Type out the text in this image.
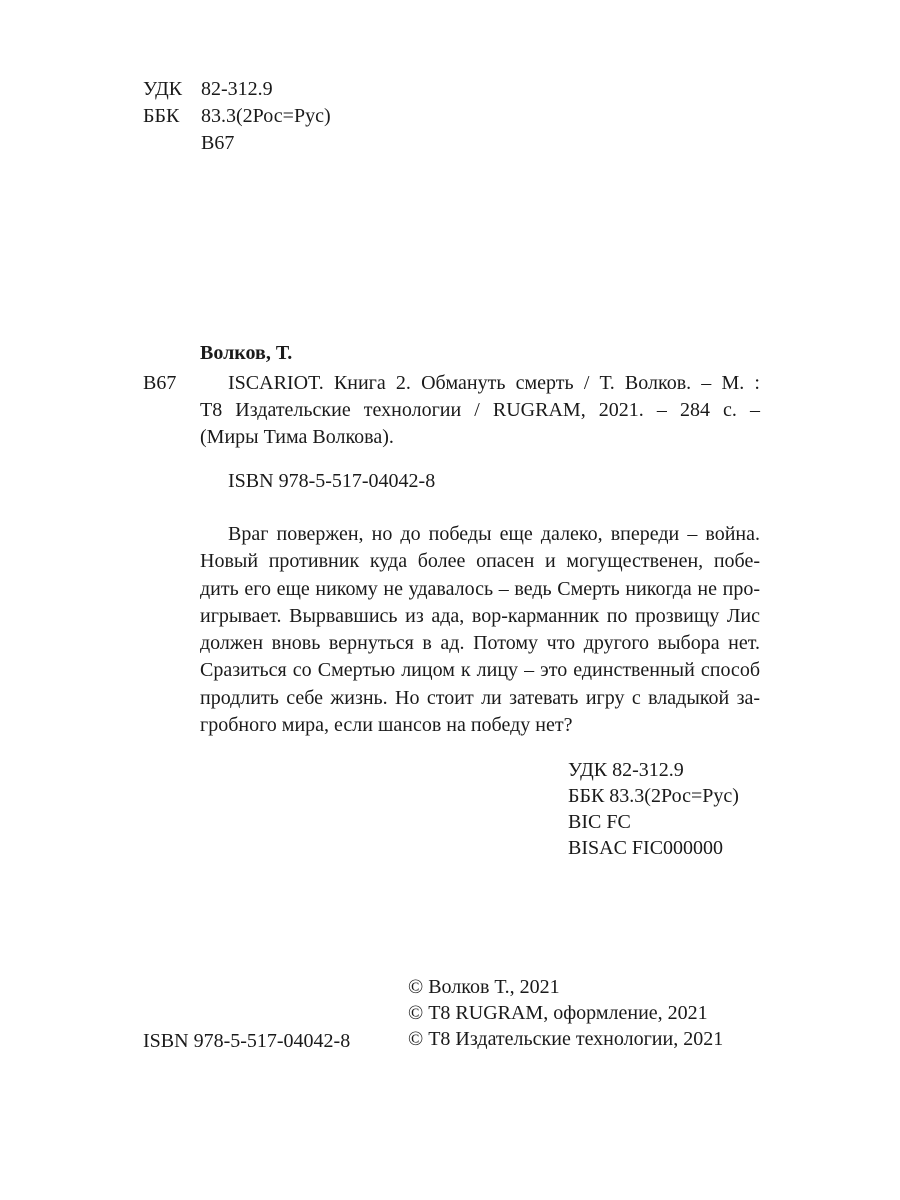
УДК 82-312.9
ББК 83.3(2Рос=Рус)
В67
Волков, Т.
В67	ISCARIOT. Книга 2. Обмануть смерть / Т. Волков. – М. :
Т8 Издательские технологии / RUGRAM, 2021. – 284 с. –
(Миры Тима Волкова).
ISBN 978-5-517-04042-8
Враг повержен, но до победы еще далеко, впереди – война.
Новый противник куда более опасен и могущественен, побе-
дить его еще никому не удавалось – ведь Смерть никогда не про-
игрывает. Вырвавшись из ада, вор-карманник по прозвищу Лис
должен вновь вернуться в ад. Потому что другого выбора нет.
Сразиться со Смертью лицом к лицу – это единственный способ
продлить себе жизнь. Но стоит ли затевать игру с владыкой за-
гробного мира, если шансов на победу нет?
УДК 82-312.9
ББК 83.3(2Рос=Рус)
BIC FC
BISAC FIC000000
© Волков Т., 2021
© Т8 RUGRAM, оформление, 2021
© Т8 Издательские технологии, 2021
ISBN 978-5-517-04042-8
